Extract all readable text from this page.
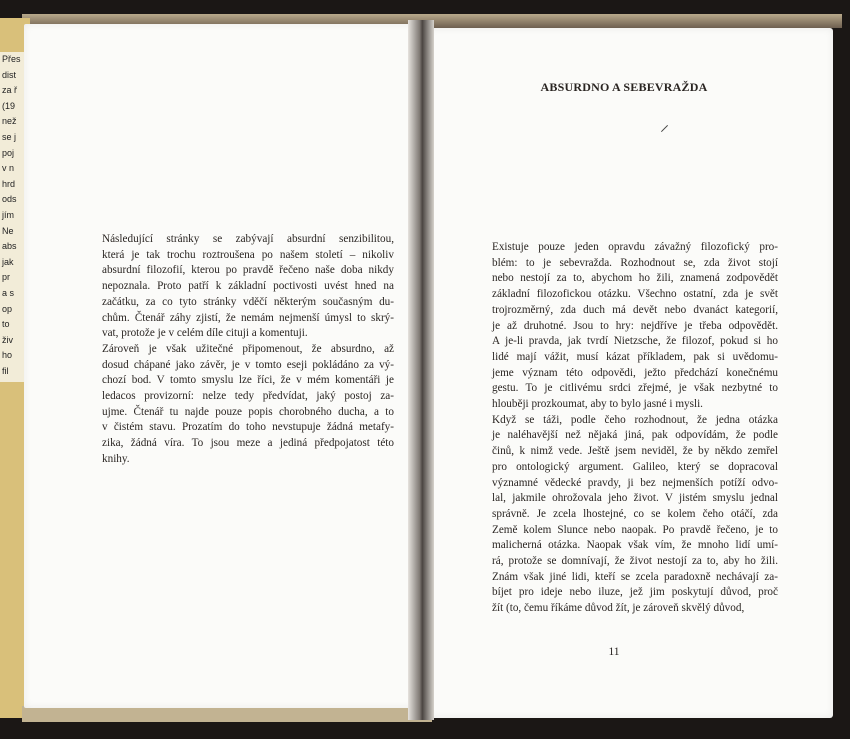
Přes
dist
za ř
(19
než
se j
poj
v n
hrd
ods
jím
Ne
abs
jak
pr
a s
op
to
živ
ho
fil

Následující stránky se zabývají absurdní senzibilitou,
která je tak trochu roztroušena po našem století – nikoliv
absurdní filozofií, kterou po pravdě řečeno naše doba nikdy
nepoznala. Proto patří k základní poctivosti uvést hned na
začátku, za co tyto stránky vděčí některým současným du-
chům. Čtenář záhy zjistí, že nemám nejmenší úmysl to skrý-
vat, protože je v celém díle cituji a komentuji.

Zároveň je však užitečné připomenout, že absurdno, až
dosud chápané jako závěr, je v tomto eseji pokládáno za vý-
chozí bod. V tomto smyslu lze říci, že v mém komentáři je
ledacos provizorní: nelze tedy předvídat, jaký postoj za-
ujme. Čtenář tu najde pouze popis chorobného ducha, a to
v čistém stavu. Prozatím do toho nevstupuje žádná metafy-
zika, žádná víra. To jsou meze a jediná předpojatost této
knihy.

ABSURDNO A SEBEVRAŽDA

Existuje pouze jeden opravdu závažný filozofický pro-
blém: to je sebevražda. Rozhodnout se, zda život stojí
nebo nestojí za to, abychom ho žili, znamená zodpovědět
základní filozofickou otázku. Všechno ostatní, zda je svět
trojrozměrný, zda duch má devět nebo dvanáct kategorií,
je až druhotné. Jsou to hry: nejdříve je třeba odpovědět.
A je-li pravda, jak tvrdí Nietzsche, že filozof, pokud si ho
lidé mají vážit, musí kázat příkladem, pak si uvědomu-
jeme význam této odpovědi, ježto předchází konečnému
gestu. To je citlivému srdci zřejmé, je však nezbytné to
hlouběji prozkoumat, aby to bylo jasné i mysli.

Když se táži, podle čeho rozhodnout, že jedna otázka
je naléhavější než nějaká jiná, pak odpovídám, že podle
činů, k nimž vede. Ještě jsem neviděl, že by někdo zemřel
pro ontologický argument. Galileo, který se dopracoval
významné vědecké pravdy, ji bez nejmenších potíží odvo-
lal, jakmile ohrožovala jeho život. V jistém smyslu jednal
správně. Je zcela lhostejné, co se kolem čeho otáčí, zda
Země kolem Slunce nebo naopak. Po pravdě řečeno, je to
malicherná otázka. Naopak však vím, že mnoho lidí umí-
rá, protože se domnívají, že život nestojí za to, aby ho žili.
Znám však jiné lidi, kteří se zcela paradoxně nechávají za-
bíjet pro ideje nebo iluze, jež jim poskytují důvod, proč
žít (to, čemu říkáme důvod žít, je zároveň skvělý důvod,

11
